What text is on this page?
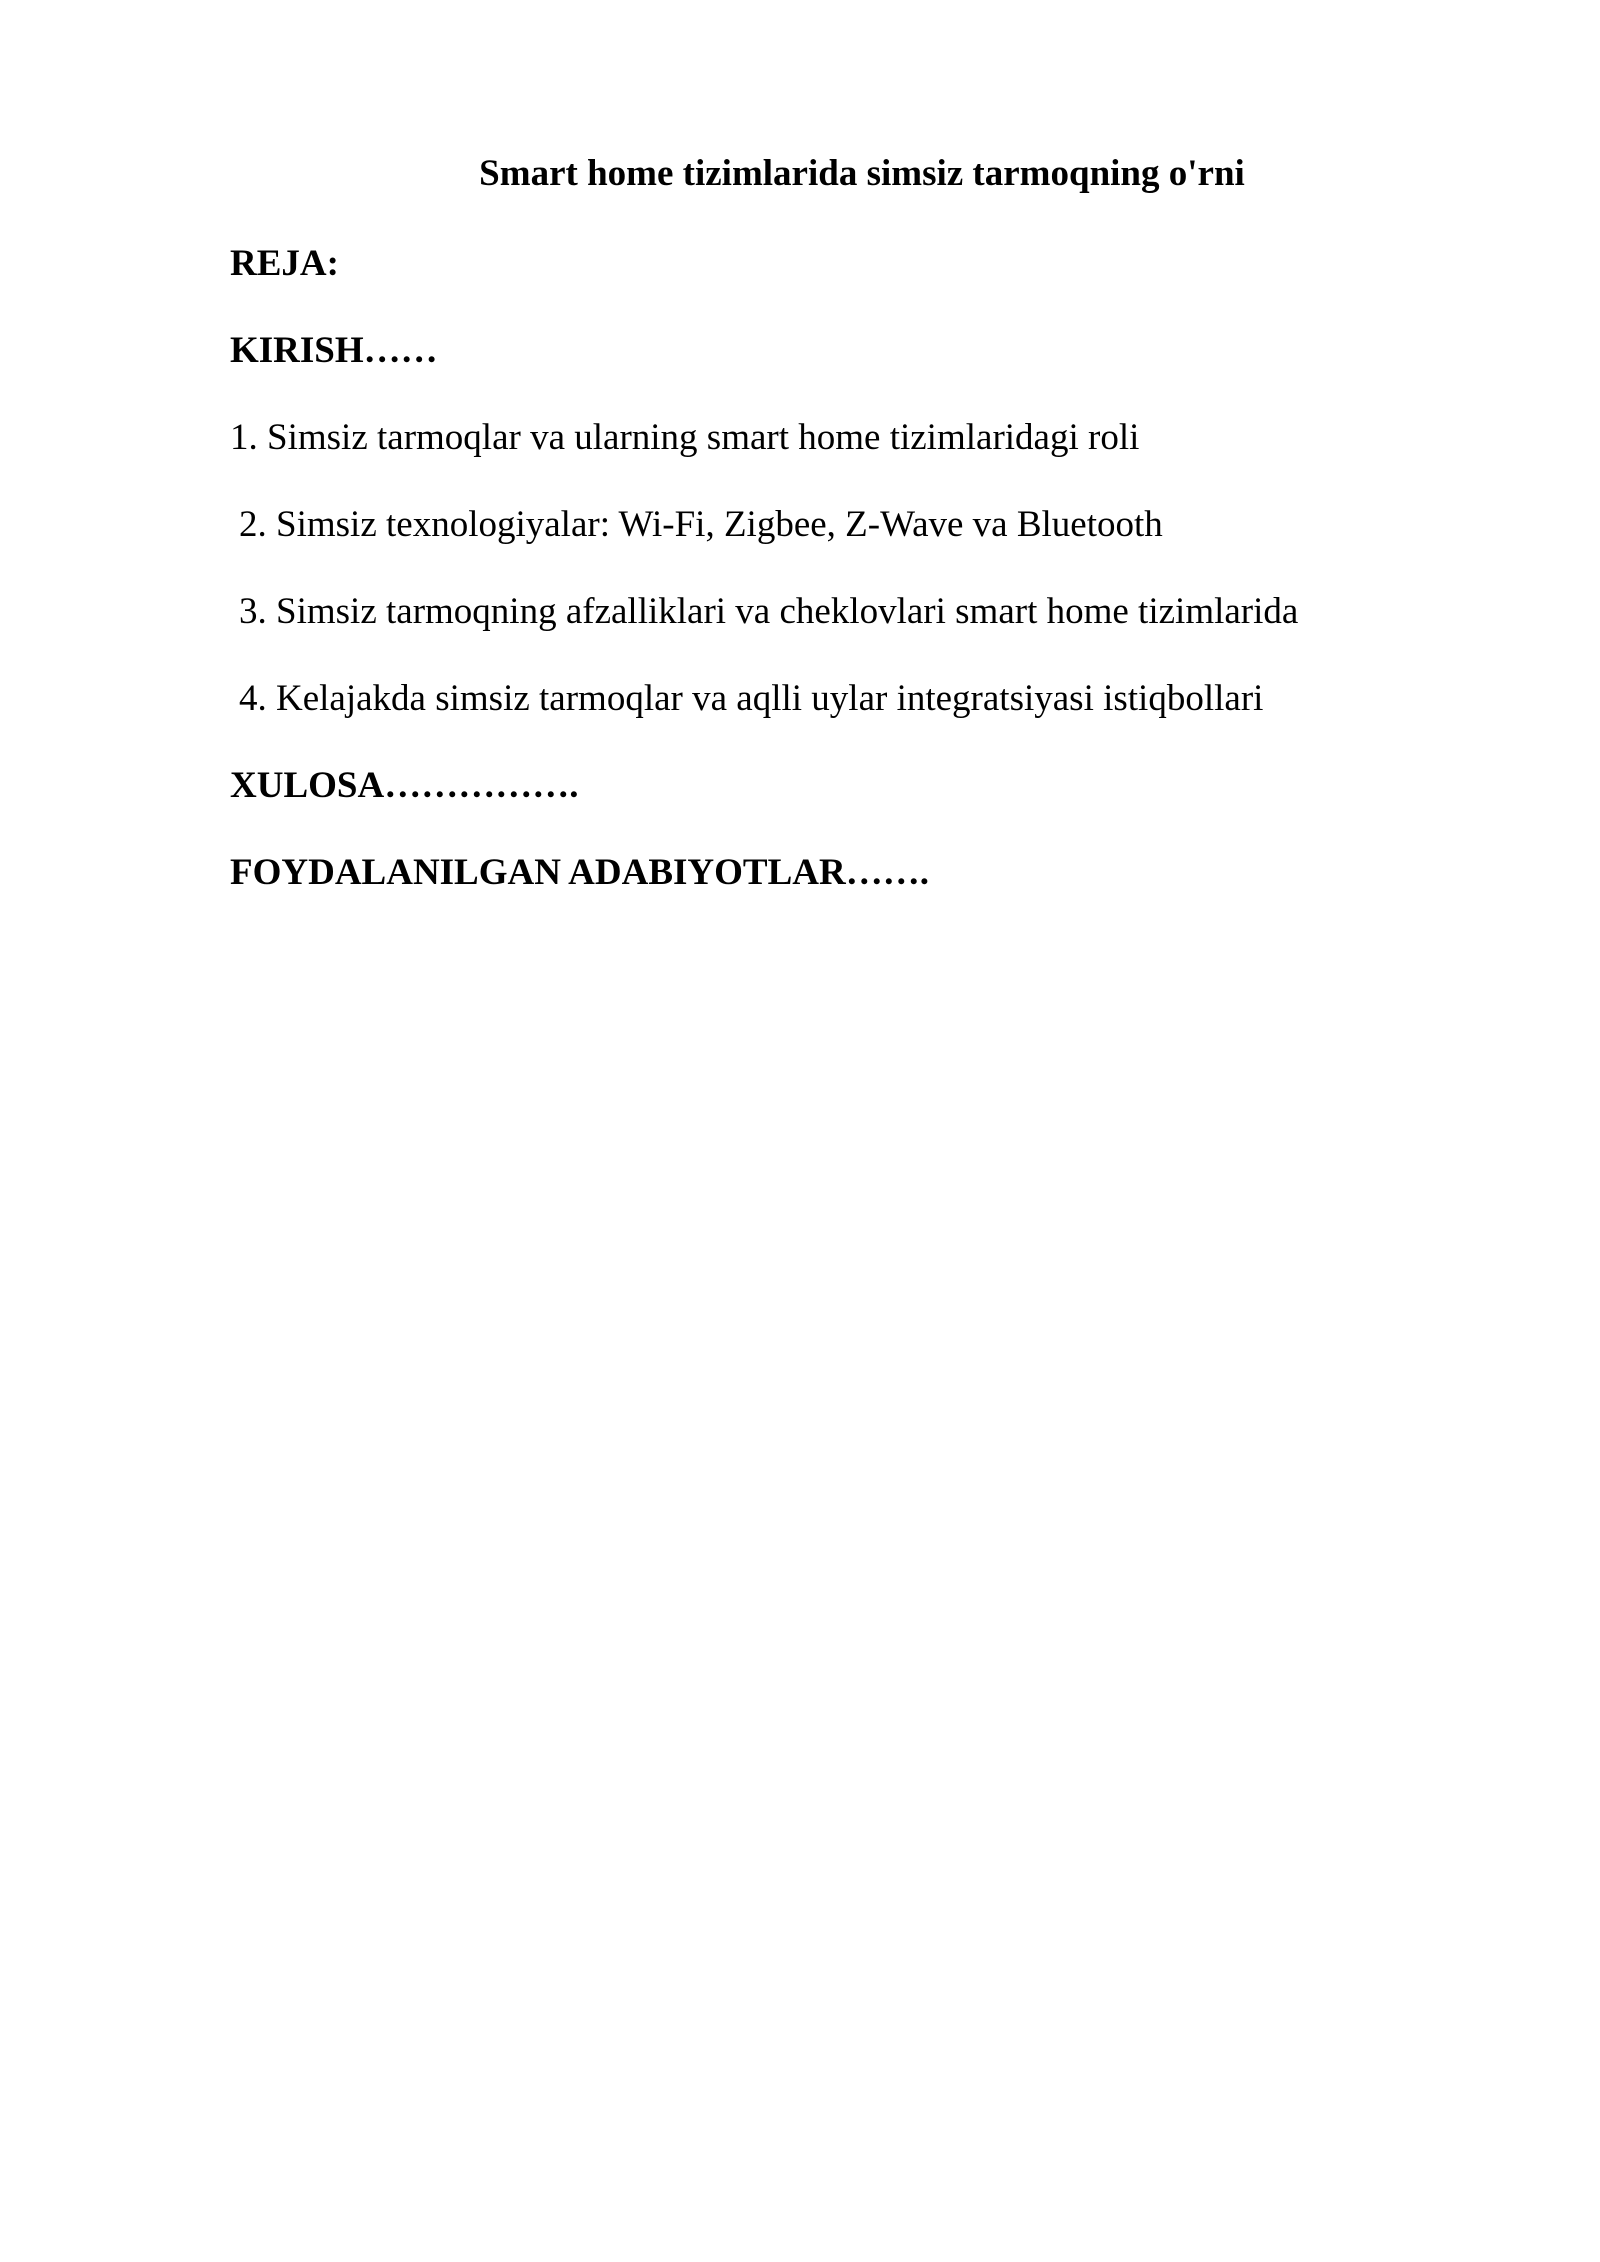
Smart home tizimlarida simsiz tarmoqning o'rni
REJA:
KIRISH……
1. Simsiz tarmoqlar va ularning smart home tizimlaridagi roli
2. Simsiz texnologiyalar: Wi-Fi, Zigbee, Z-Wave va Bluetooth
3. Simsiz tarmoqning afzalliklari va cheklovlari smart home tizimlarida
4. Kelajakda simsiz tarmoqlar va aqlli uylar integratsiyasi istiqbollari
XULOSA…………….
FOYDALANILGAN ADABIYOTLAR…….
